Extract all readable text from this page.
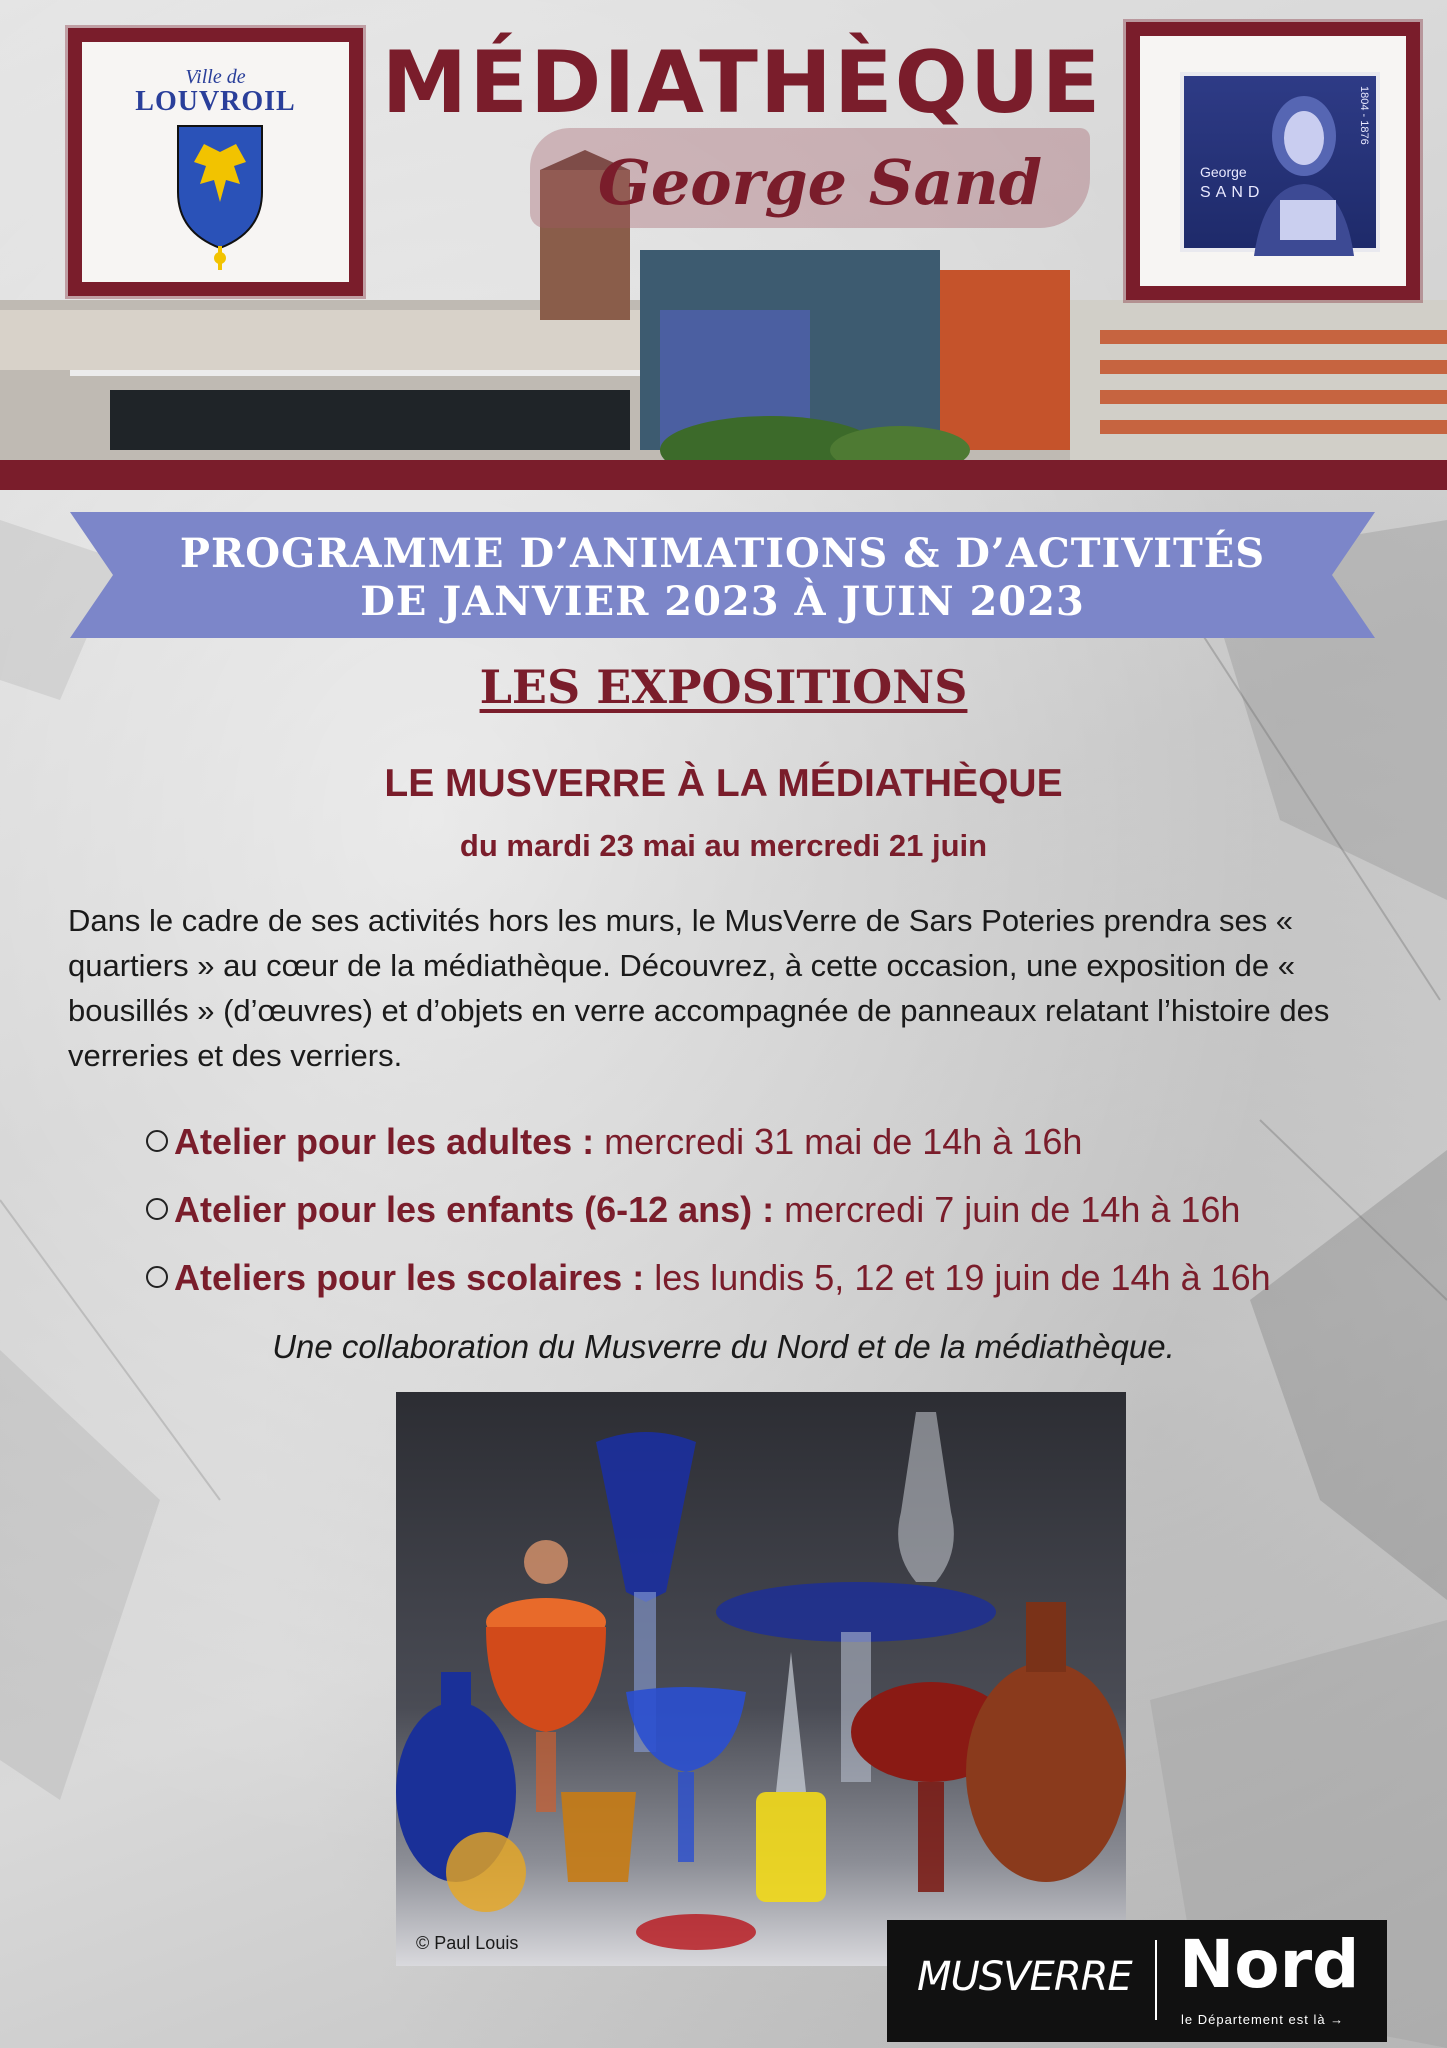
Ville de
LOUVROIL
George
SAND
1804 - 1876
MÉDIATHÈQUE
George Sand
PROGRAMME D’ANIMATIONS & D’ACTIVITÉS
DE JANVIER 2023 À JUIN 2023
LES EXPOSITIONS
LE MUSVERRE À LA MÉDIATHÈQUE
du mardi 23 mai au mercredi 21 juin

Dans le cadre de ses activités hors les murs, le MusVerre de Sars Poteries prendra ses « quartiers » au cœur de la médiathèque. Découvrez, à cette occasion, une exposition de « bousillés » (d’œuvres) et d’objets en verre accompagnée de panneaux relatant l’histoire des verreries et des verriers.

Atelier pour les adultes : mercredi 31 mai de 14h à 16h
Atelier pour les enfants (6-12 ans) : mercredi 7 juin de 14h à 16h
Ateliers pour les scolaires : les lundis 5, 12 et 19 juin de 14h à 16h
Une collaboration du Musverre du Nord et de la médiathèque.
© Paul Louis
MUSVERRE Nord
le Département est là →
